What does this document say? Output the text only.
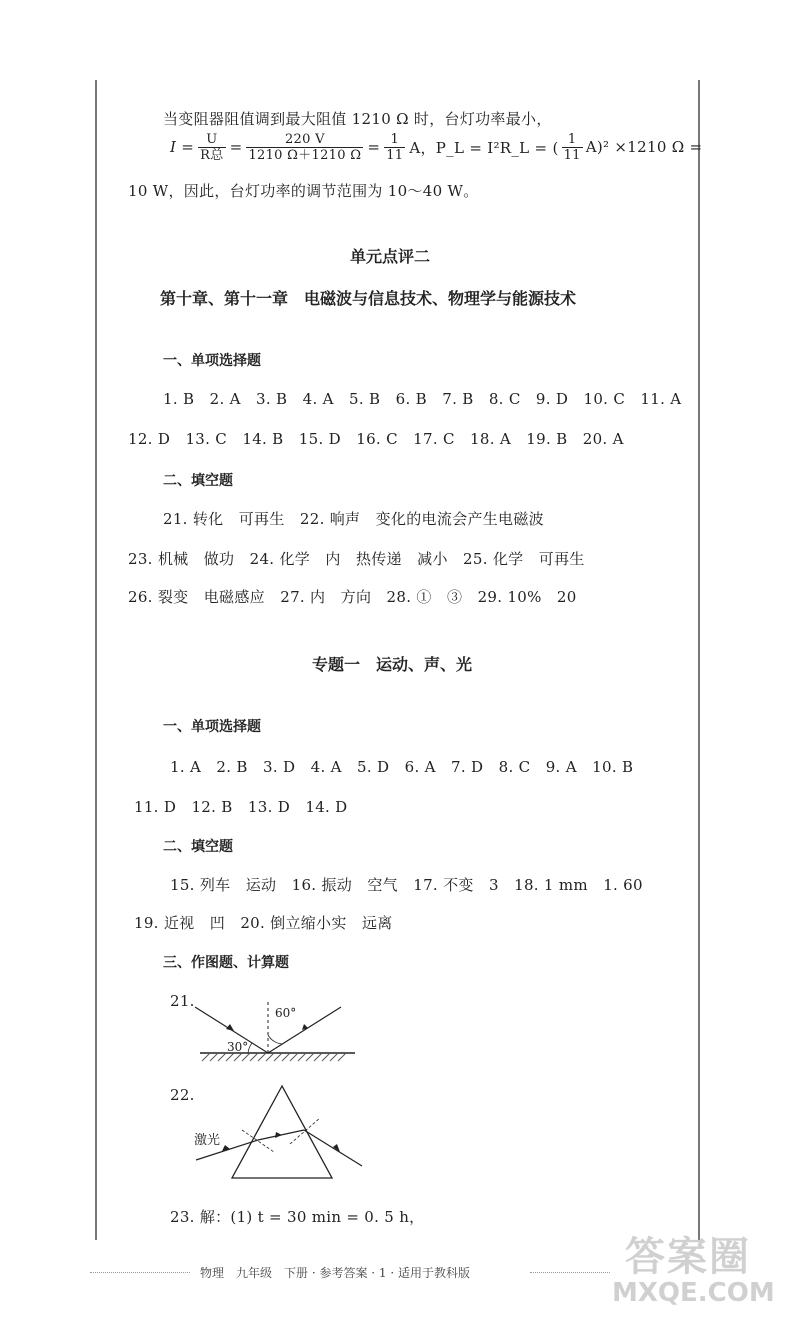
当变阻器阻值调到最大阻值 1210 Ω 时，台灯功率最小，
$I = \frac{U}{\text{R总}} = \frac{220 V}{1210 \Omega+1210 \Omega} = \frac{1}{11}$ A，P_L = I²R_L = ( $\frac{1}{11} A)^2 \times 1210$ Ω =
10 W，因此，台灯功率的调节范围为 10～40 W。
单元点评二
第十章、第十一章　电磁波与信息技术、物理学与能源技术
一、单项选择题
1. B　2. A　3. B　4. A　5. B　6. B　7. B　8. C　9. D　10. C　11. A
12. D　13. C　14. B　15. D　16. C　17. C　18. A　19. B　20. A
二、填空题
21. 转化　可再生　22. 响声　变化的电流会产生电磁波
23. 机械　做功　24. 化学　内　热传递　减小　25. 化学　可再生
26. 裂变　电磁感应　27. 内　方向　28. ①　③　29. 10%　20
专题一　运动、声、光
一、单项选择题
1. A　2. B　3. D　4. A　5. D　6. A　7. D　8. C　9. A　10. B
11. D　12. B　13. D　14. D
二、填空题
15. 列车　运动　16. 振动　空气　17. 不变　3　18. 1 mm　1. 60
19. 近视　凹　20. 倒立缩小实　远离
三、作图题、计算题
21.
30°
60°
22.
激光
23. 解：(1) t = 30 min = 0. 5 h，
物理　九年级　下册 · 参考答案 · 1 · 适用于教科版	答案圈
MXQE.COM
